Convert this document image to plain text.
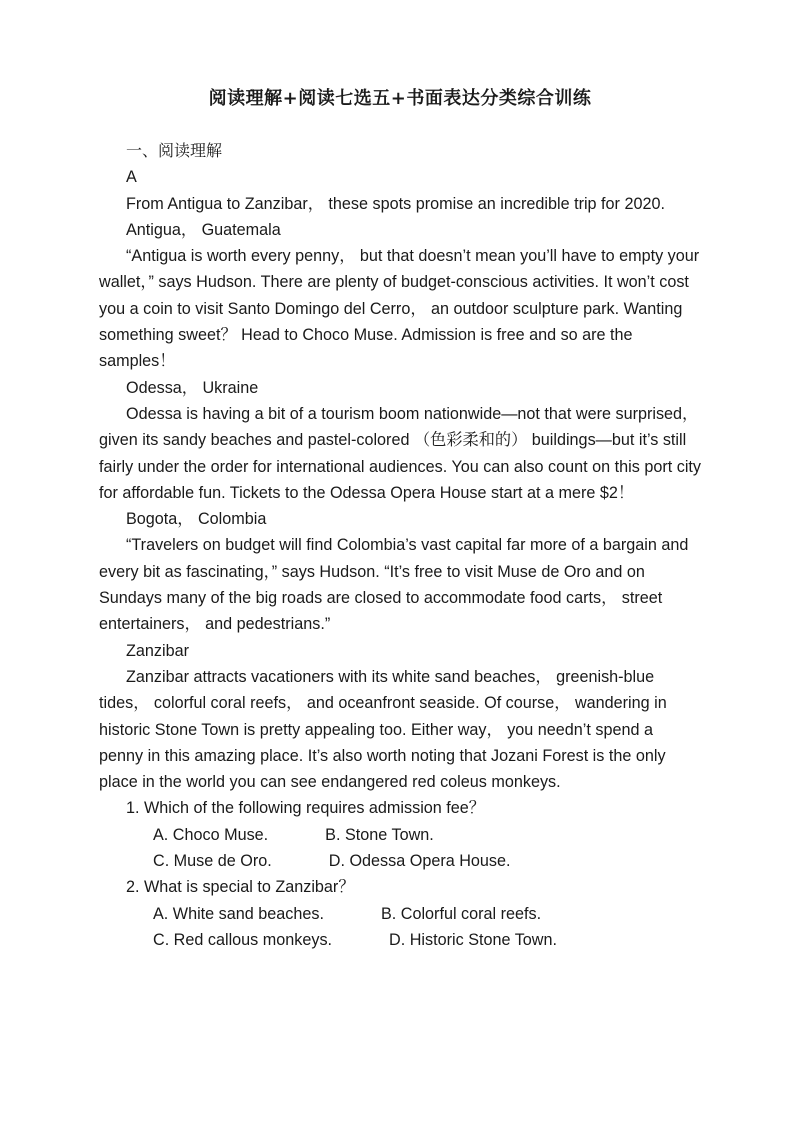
阅读理解+阅读七选五+书面表达分类综合训练

一、阅读理解

A

From Antigua to Zanzibar， these spots promise an incredible trip for 2020.

Antigua， Guatemala

“Antigua is worth every penny， but that doesn’t mean you’ll have to empty your wallet，” says Hudson. There are plenty of budget-conscious activities. It won’t cost you a coin to visit Santo Domingo del Cerro， an outdoor sculpture park. Wanting something sweet？ Head to Choco Muse. Admission is free and so are the samples！

Odessa， Ukraine

Odessa is having a bit of a tourism boom nationwide—not that were surprised， given its sandy beaches and pastel-colored （色彩柔和的） buildings—but it’s still fairly under the order for international audiences. You can also count on this port city for affordable fun. Tickets to the Odessa Opera House start at a mere $2！

Bogota， Colombia

“Travelers on budget will find Colombia’s vast capital far more of a bargain and every bit as fascinating，” says Hudson. “It’s free to visit Muse de Oro and on Sundays many of the big roads are closed to accommodate food carts， street entertainers， and pedestrians.”

Zanzibar

Zanzibar attracts vacationers with its white sand beaches， greenish-blue tides， colorful coral reefs， and oceanfront seaside. Of course， wandering in historic Stone Town is pretty appealing too. Either way， you needn’t spend a penny in this amazing place. It’s also worth noting that Jozani Forest is the only place in the world you can see endangered red coleus monkeys.

1. Which of the following requires admission fee？

A. Choco Muse.	B. Stone Town.

C. Muse de Oro.	D. Odessa Opera House.

2. What is special to Zanzibar？

A. White sand beaches.	B. Colorful coral reefs.

C. Red callous monkeys.	D. Historic Stone Town.
